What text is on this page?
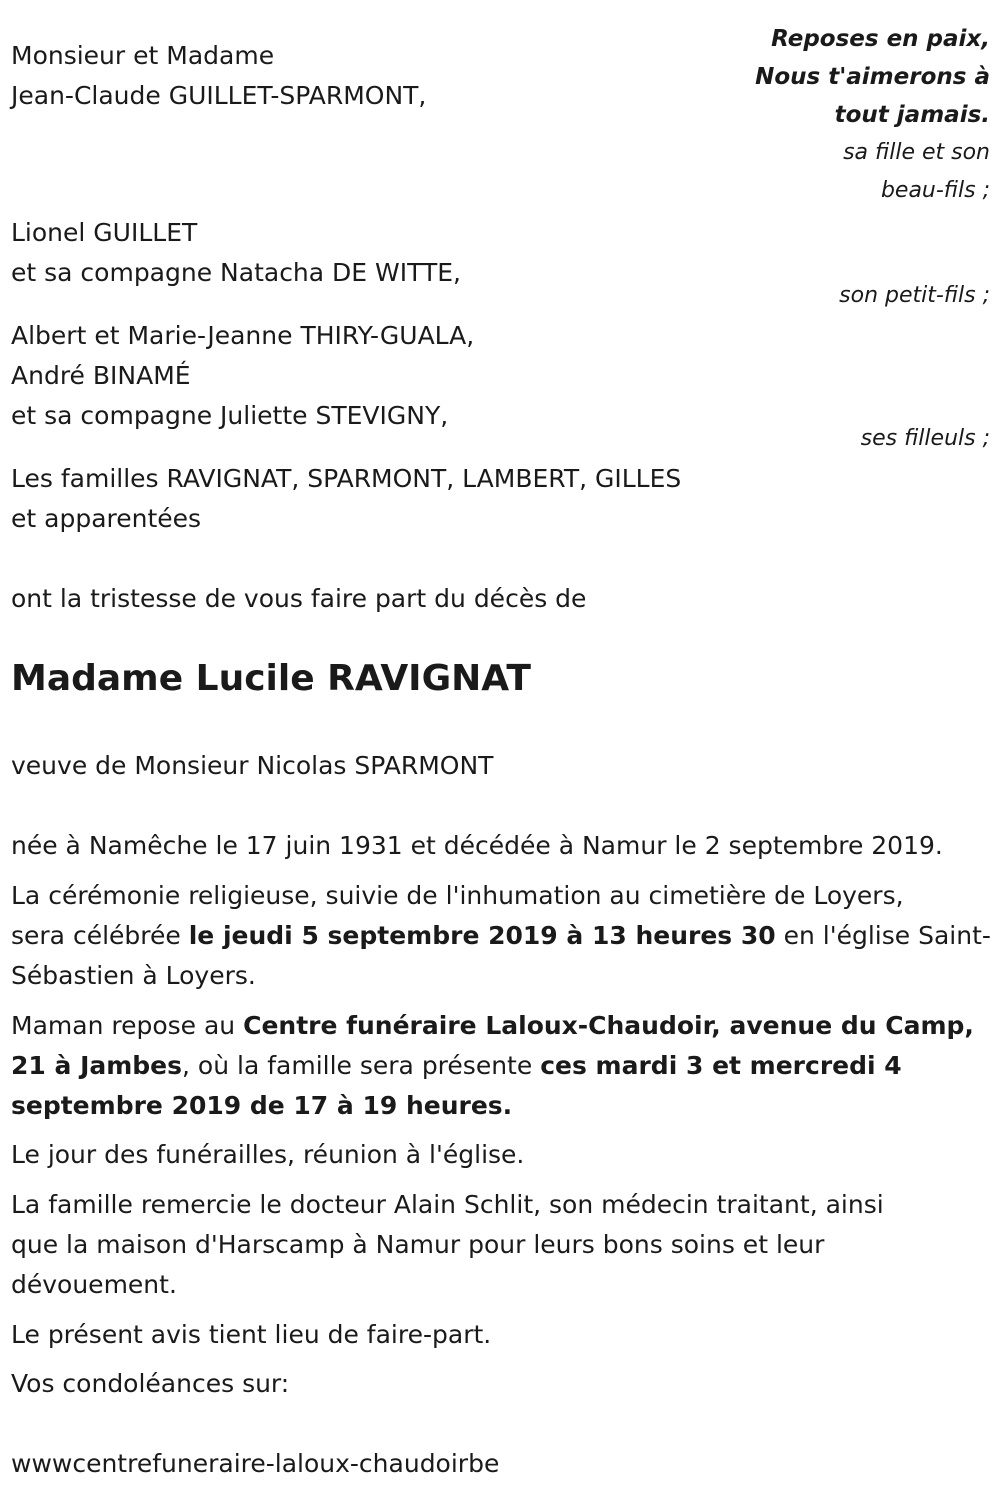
Monsieur et Madame
Jean-Claude GUILLET-SPARMONT,
Lionel GUILLET
et sa compagne Natacha DE WITTE,
Albert et Marie-Jeanne THIRY-GUALA,
André BINAMÉ
et sa compagne Juliette STEVIGNY,
Les familles RAVIGNAT, SPARMONT, LAMBERT, GILLES
et apparentées
Reposes en paix,
Nous t'aimerons à
tout jamais.
sa fille et son
beau-fils ;
son petit-fils ;
ses filleuls ;
ont la tristesse de vous faire part du décès de
Madame Lucile RAVIGNAT
veuve de Monsieur Nicolas SPARMONT
née à Namêche le 17 juin 1931 et décédée à Namur le 2 septembre 2019.
La cérémonie religieuse, suivie de l'inhumation au cimetière de Loyers,
sera célébrée le jeudi 5 septembre 2019 à 13 heures 30 en l'église Saint-
Sébastien à Loyers.
Maman repose au Centre funéraire Laloux-Chaudoir, avenue du Camp,
21 à Jambes, où la famille sera présente ces mardi 3 et mercredi 4
septembre 2019 de 17 à 19 heures.
Le jour des funérailles, réunion à l'église.
La famille remercie le docteur Alain Schlit, son médecin traitant, ainsi
que la maison d'Harscamp à Namur pour leurs bons soins et leur
dévouement.
Le présent avis tient lieu de faire-part.
Vos condoléances sur:
wwwcentrefuneraire-laloux-chaudoirbe
